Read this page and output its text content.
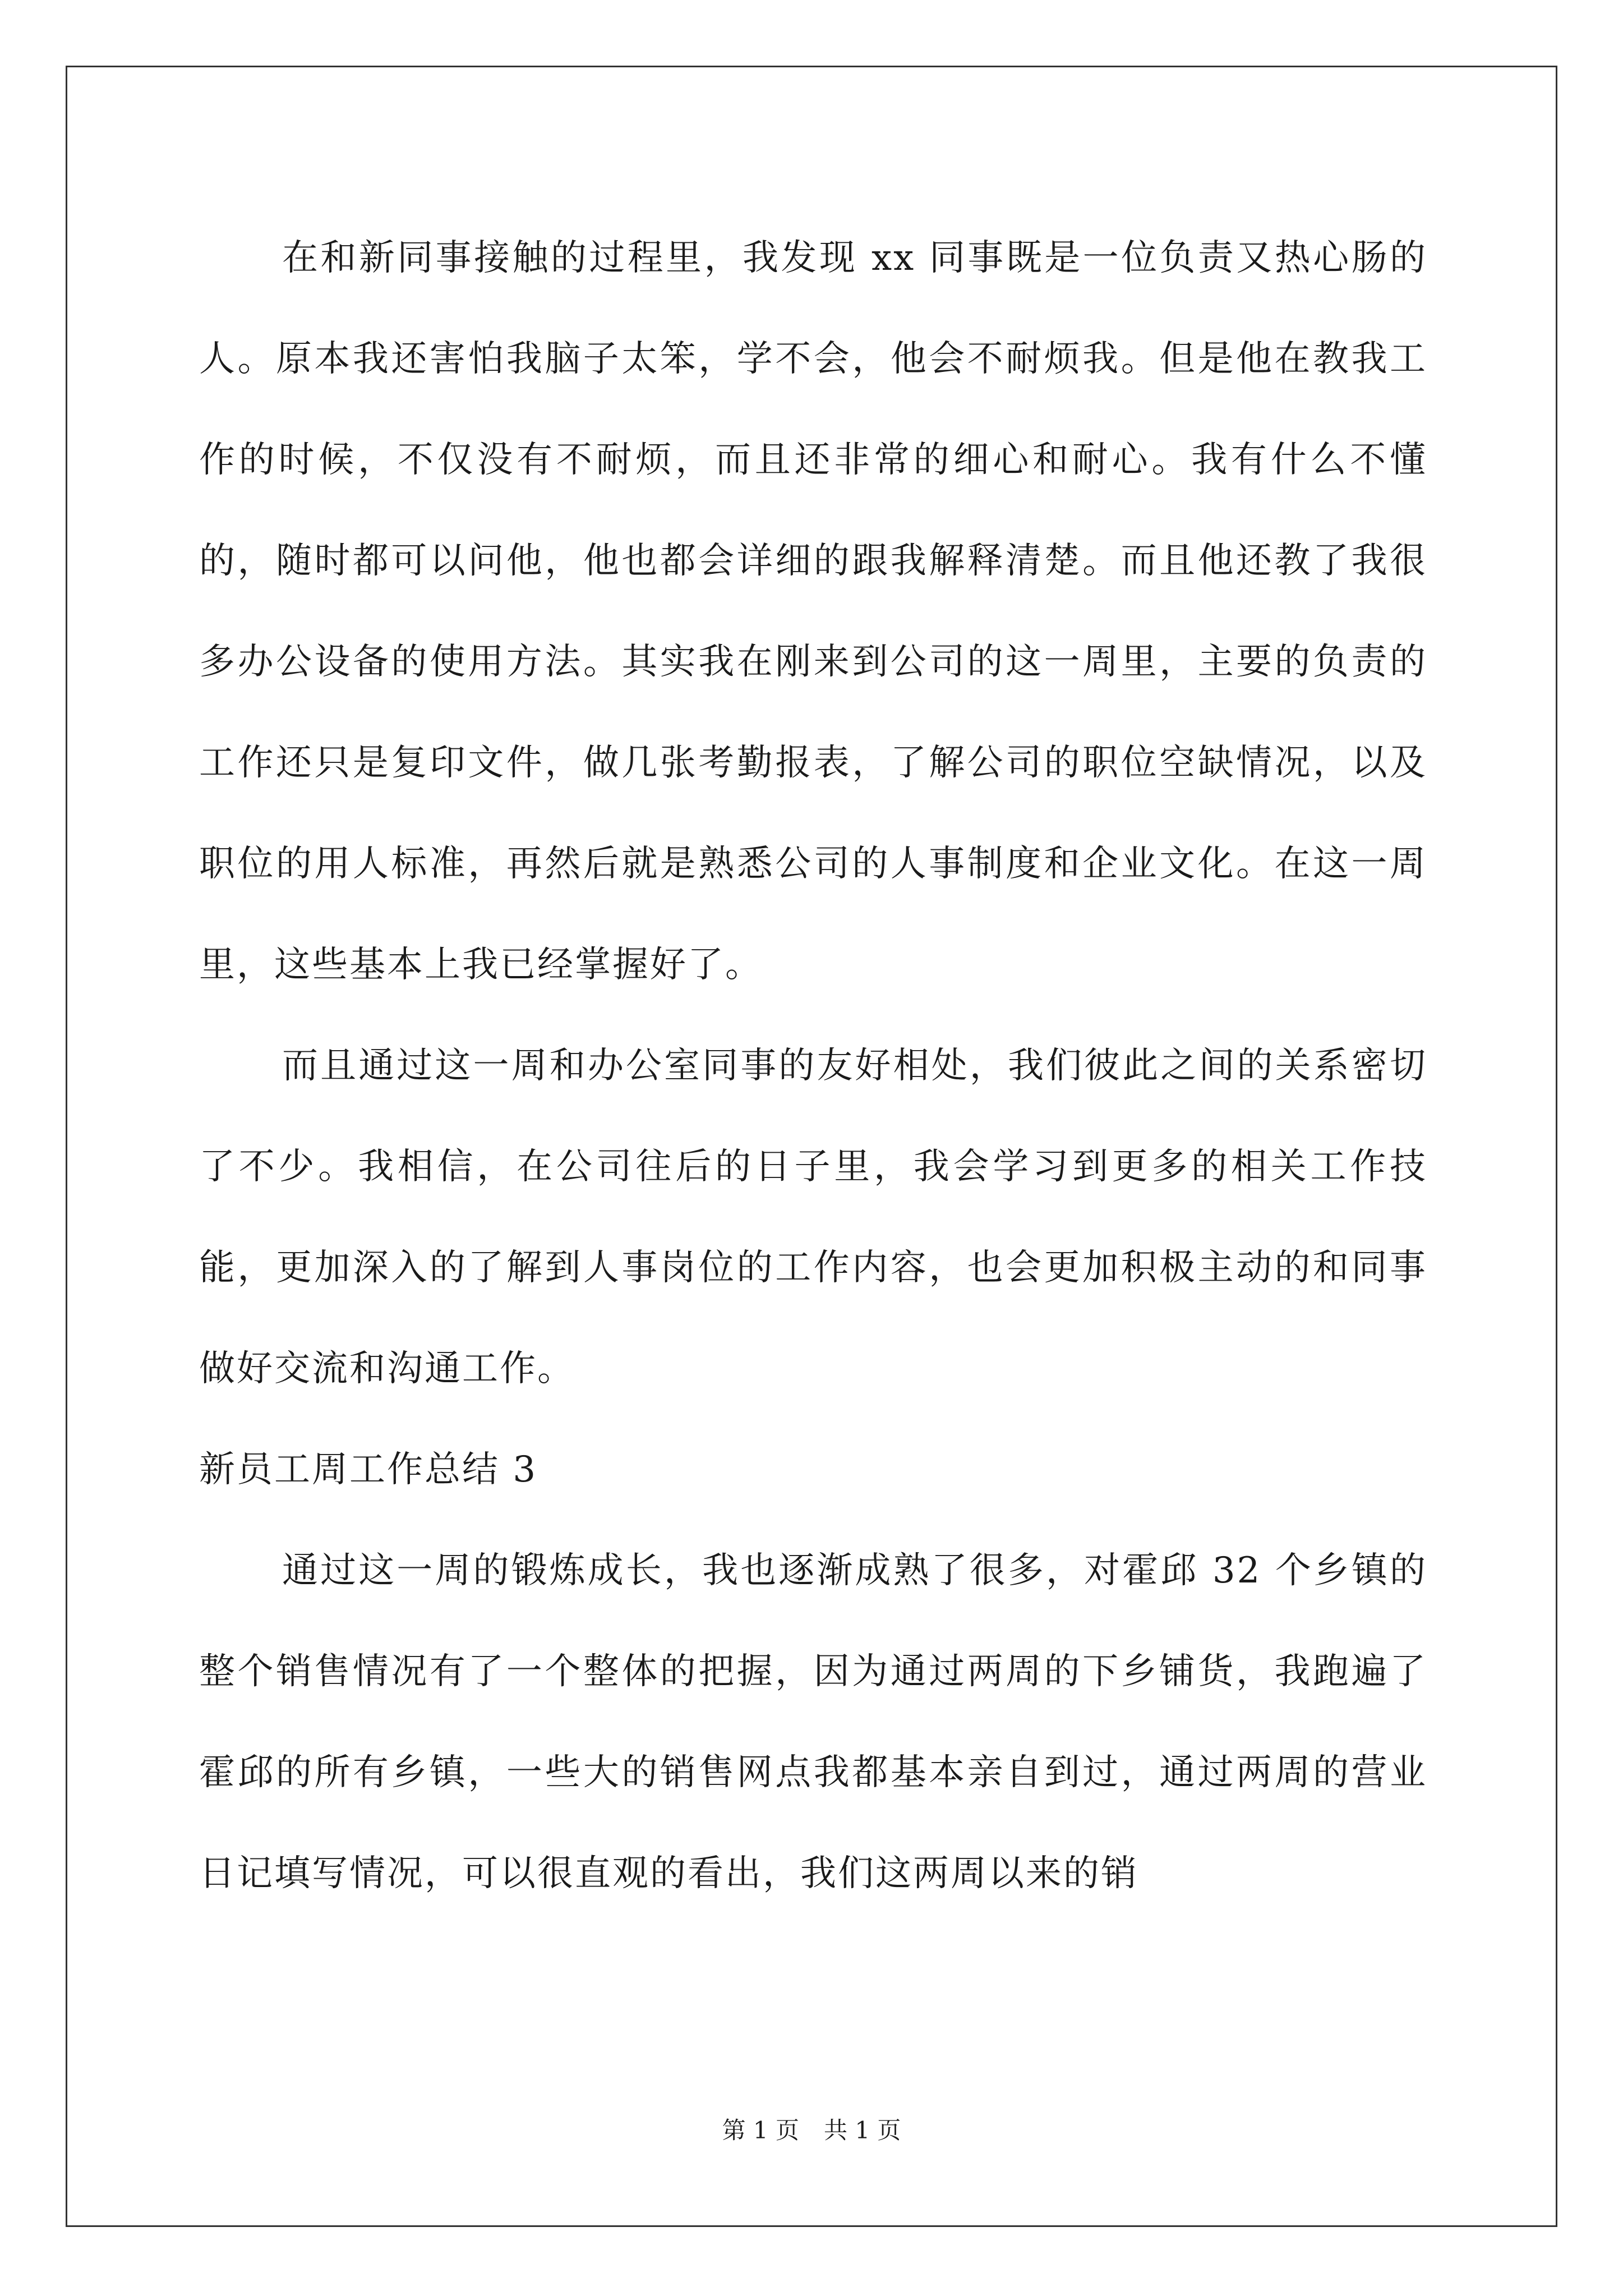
在和新同事接触的过程里，我发现 xx 同事既是一位负责又热心肠的人。原本我还害怕我脑子太笨，学不会，他会不耐烦我。但是他在教我工作的时候，不仅没有不耐烦，而且还非常的细心和耐心。我有什么不懂的，随时都可以问他，他也都会详细的跟我解释清楚。而且他还教了我很多办公设备的使用方法。其实我在刚来到公司的这一周里，主要的负责的工作还只是复印文件，做几张考勤报表，了解公司的职位空缺情况，以及职位的用人标准，再然后就是熟悉公司的人事制度和企业文化。在这一周里，这些基本上我已经掌握好了。

而且通过这一周和办公室同事的友好相处，我们彼此之间的关系密切了不少。我相信，在公司往后的日子里，我会学习到更多的相关工作技能，更加深入的了解到人事岗位的工作内容，也会更加积极主动的和同事做好交流和沟通工作。

新员工周工作总结 3

通过这一周的锻炼成长，我也逐渐成熟了很多，对霍邱 32 个乡镇的整个销售情况有了一个整体的把握，因为通过两周的下乡铺货，我跑遍了霍邱的所有乡镇，一些大的销售网点我都基本亲自到过，通过两周的营业日记填写情况，可以很直观的看出，我们这两周以来的销

第 1 页 共 1 页
